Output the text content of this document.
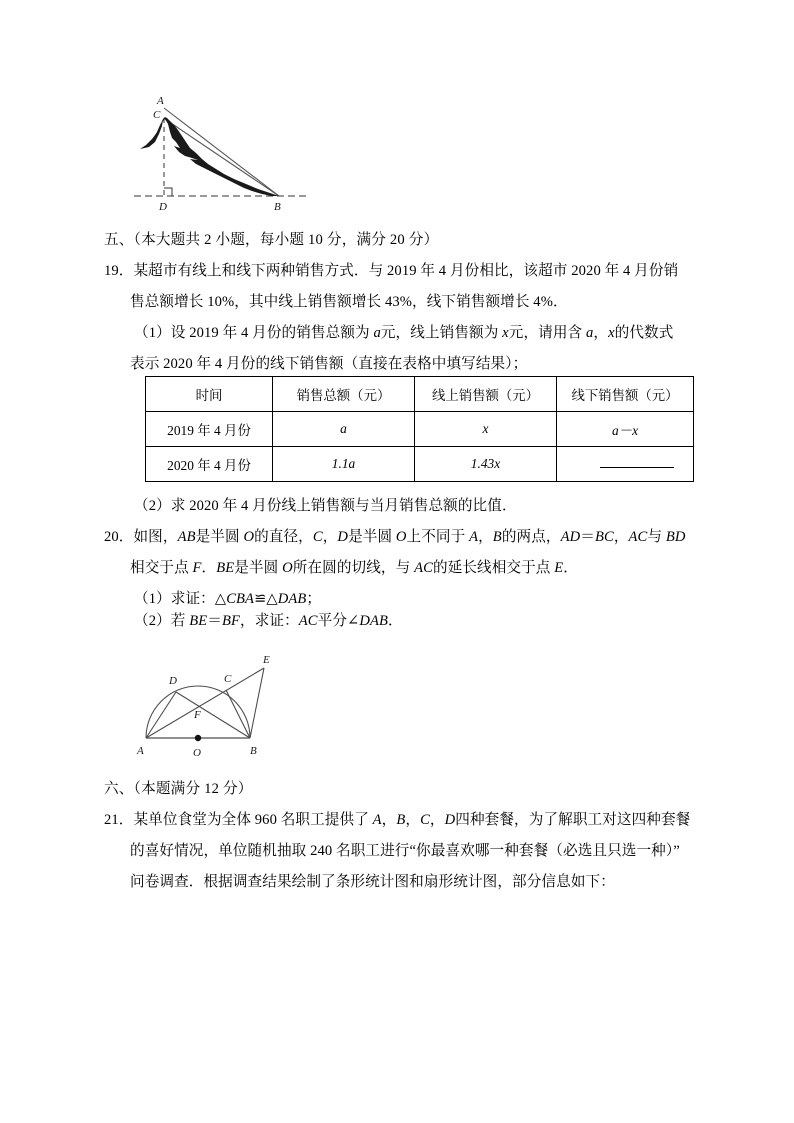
A
C
D	B
五、（本大题共 2 小题，每小题 10 分，满分 20 分）
19．某超市有线上和线下两种销售方式．与 2019 年 4 月份相比，该超市 2020 年 4 月份销
售总额增长 10%，其中线上销售额增长 43%，线下销售额增长 4%．
（1）设 2019 年 4 月份的销售总额为 a元，线上销售额为 x元，请用含 a，x的代数式
表示 2020 年 4 月份的线下销售额（直接在表格中填写结果）；
时间	销售总额（元）	线上销售额（元）	线下销售额（元）
2019 年 4 月份	a	x	a－x
2020 年 4 月份	1.1a	1.43x	
（2）求 2020 年 4 月份线上销售额与当月销售总额的比值．
20．如图，AB是半圆 O的直径，C，D是半圆 O上不同于 A，B的两点，AD＝BC，AC与 BD
相交于点 F．BE是半圆 O所在圆的切线，与 AC的延长线相交于点 E．
（1）求证：△CBA≌△DAB；
（2）若 BE＝BF，求证：AC平分∠DAB．
A	B
C
D
E
F
O
六、（本题满分 12 分）
21．某单位食堂为全体 960 名职工提供了 A，B，C，D四种套餐，为了解职工对这四种套餐
的喜好情况，单位随机抽取 240 名职工进行“你最喜欢哪一种套餐（必选且只选一种）”
问卷调查．根据调查结果绘制了条形统计图和扇形统计图，部分信息如下：
